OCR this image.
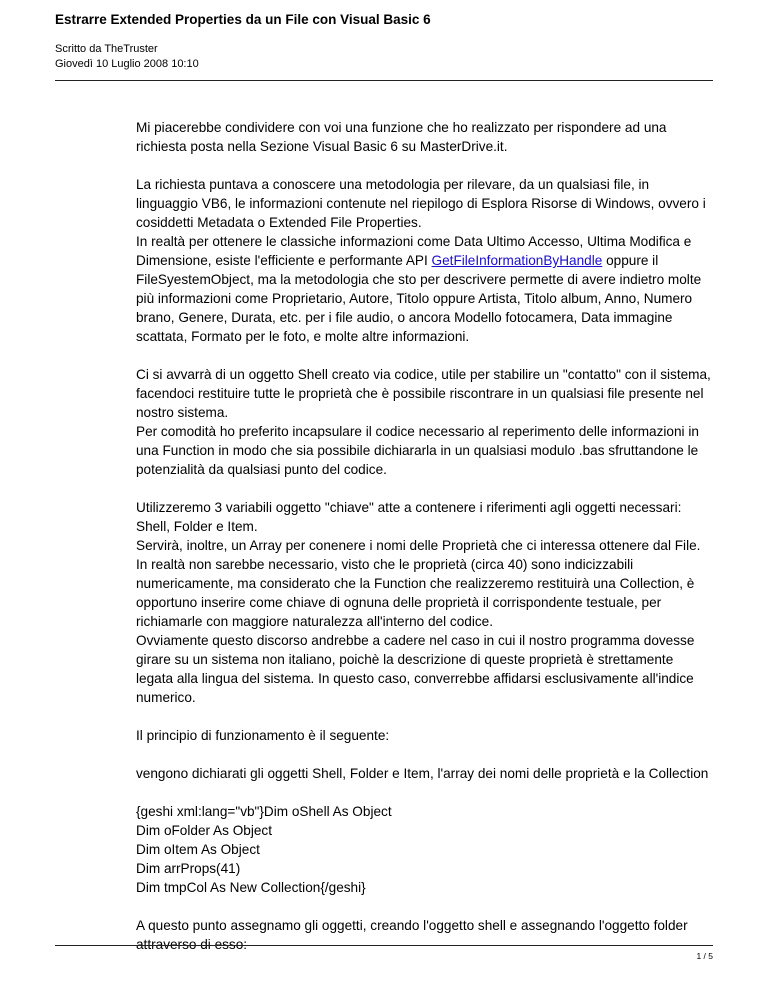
Estrarre Extended Properties da un File con Visual Basic 6
Scritto da TheTruster
Giovedì 10 Luglio 2008 10:10

Mi piacerebbe condividere con voi una funzione che ho realizzato per rispondere ad una richiesta posta nella Sezione Visual Basic 6 su MasterDrive.it.

La richiesta puntava a conoscere una metodologia per rilevare, da un qualsiasi file, in linguaggio VB6, le informazioni contenute nel riepilogo di Esplora Risorse di Windows, ovvero i cosiddetti Metadata o Extended File Properties.
In realtà per ottenere le classiche informazioni come Data Ultimo Accesso, Ultima Modifica e Dimensione, esiste l'efficiente e performante API GetFileInformationByHandle oppure il FileSyestemObject, ma la metodologia che sto per descrivere permette di avere indietro molte più informazioni come Proprietario, Autore, Titolo oppure Artista, Titolo album, Anno, Numero brano, Genere, Durata, etc. per i file audio, o ancora Modello fotocamera, Data immagine scattata, Formato per le foto, e molte altre informazioni.

Ci si avvarrà di un oggetto Shell creato via codice, utile per stabilire un "contatto" con il sistema, facendoci restituire tutte le proprietà che è possibile riscontrare in un qualsiasi file presente nel nostro sistema.
Per comodità ho preferito incapsulare il codice necessario al reperimento delle informazioni in una Function in modo che sia possibile dichiararla in un qualsiasi modulo .bas sfruttandone le potenzialità da qualsiasi punto del codice.

Utilizzeremo 3 variabili oggetto "chiave" atte a contenere i riferimenti agli oggetti necessari: Shell, Folder e Item.
Servirà, inoltre, un Array per conenere i nomi delle Proprietà che ci interessa ottenere dal File. In realtà non sarebbe necessario, visto che le proprietà (circa 40) sono indicizzabili numericamente, ma considerato che la Function che realizzeremo restituirà una Collection, è opportuno inserire come chiave di ognuna delle proprietà il corrispondente testuale, per richiamarle con maggiore naturalezza all'interno del codice.
Ovviamente questo discorso andrebbe a cadere nel caso in cui il nostro programma dovesse girare su un sistema non italiano, poichè la descrizione di queste proprietà è strettamente legata alla lingua del sistema. In questo caso, converrebbe affidarsi esclusivamente all'indice numerico.

Il principio di funzionamento è il seguente:

vengono dichiarati gli oggetti Shell, Folder e Item, l'array dei nomi delle proprietà e la Collection

{geshi xml:lang="vb"}Dim oShell As Object
Dim oFolder As Object
Dim oItem As Object
Dim arrProps(41)
Dim tmpCol As New Collection{/geshi}

A questo punto assegnamo gli oggetti, creando l'oggetto shell e assegnando l'oggetto folder attraverso di esso:

1 / 5
